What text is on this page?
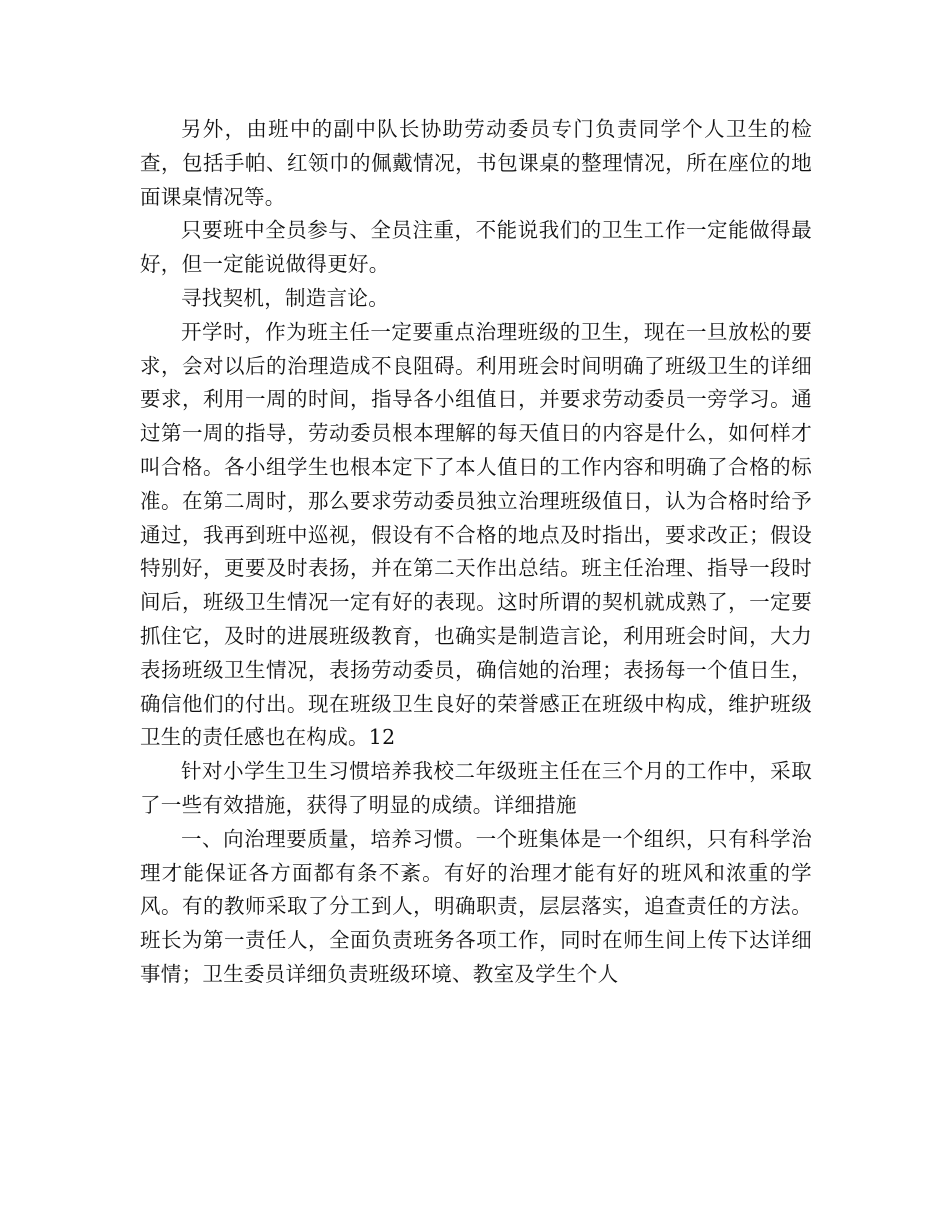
另外，由班中的副中队长协助劳动委员专门负责同学个人卫生的检查，包括手帕、红领巾的佩戴情况，书包课桌的整理情况，所在座位的地面课桌情况等。

只要班中全员参与、全员注重，不能说我们的卫生工作一定能做得最好，但一定能说做得更好。

寻找契机，制造言论。

开学时，作为班主任一定要重点治理班级的卫生，现在一旦放松的要求，会对以后的治理造成不良阻碍。利用班会时间明确了班级卫生的详细要求，利用一周的时间，指导各小组值日，并要求劳动委员一旁学习。通过第一周的指导，劳动委员根本理解的每天值日的内容是什么，如何样才叫合格。各小组学生也根本定下了本人值日的工作内容和明确了合格的标准。在第二周时，那么要求劳动委员独立治理班级值日，认为合格时给予通过，我再到班中巡视，假设有不合格的地点及时指出，要求改正；假设特别好，更要及时表扬，并在第二天作出总结。班主任治理、指导一段时间后，班级卫生情况一定有好的表现。这时所谓的契机就成熟了，一定要抓住它，及时的进展班级教育，也确实是制造言论，利用班会时间，大力表扬班级卫生情况，表扬劳动委员，确信她的治理；表扬每一个值日生，确信他们的付出。现在班级卫生良好的荣誉感正在班级中构成，维护班级卫生的责任感也在构成。12

针对小学生卫生习惯培养我校二年级班主任在三个月的工作中，采取了一些有效措施，获得了明显的成绩。详细措施

一、向治理要质量，培养习惯。一个班集体是一个组织，只有科学治理才能保证各方面都有条不紊。有好的治理才能有好的班风和浓重的学风。有的教师采取了分工到人，明确职责，层层落实，追查责任的方法。班长为第一责任人，全面负责班务各项工作，同时在师生间上传下达详细事情；卫生委员详细负责班级环境、教室及学生个人
